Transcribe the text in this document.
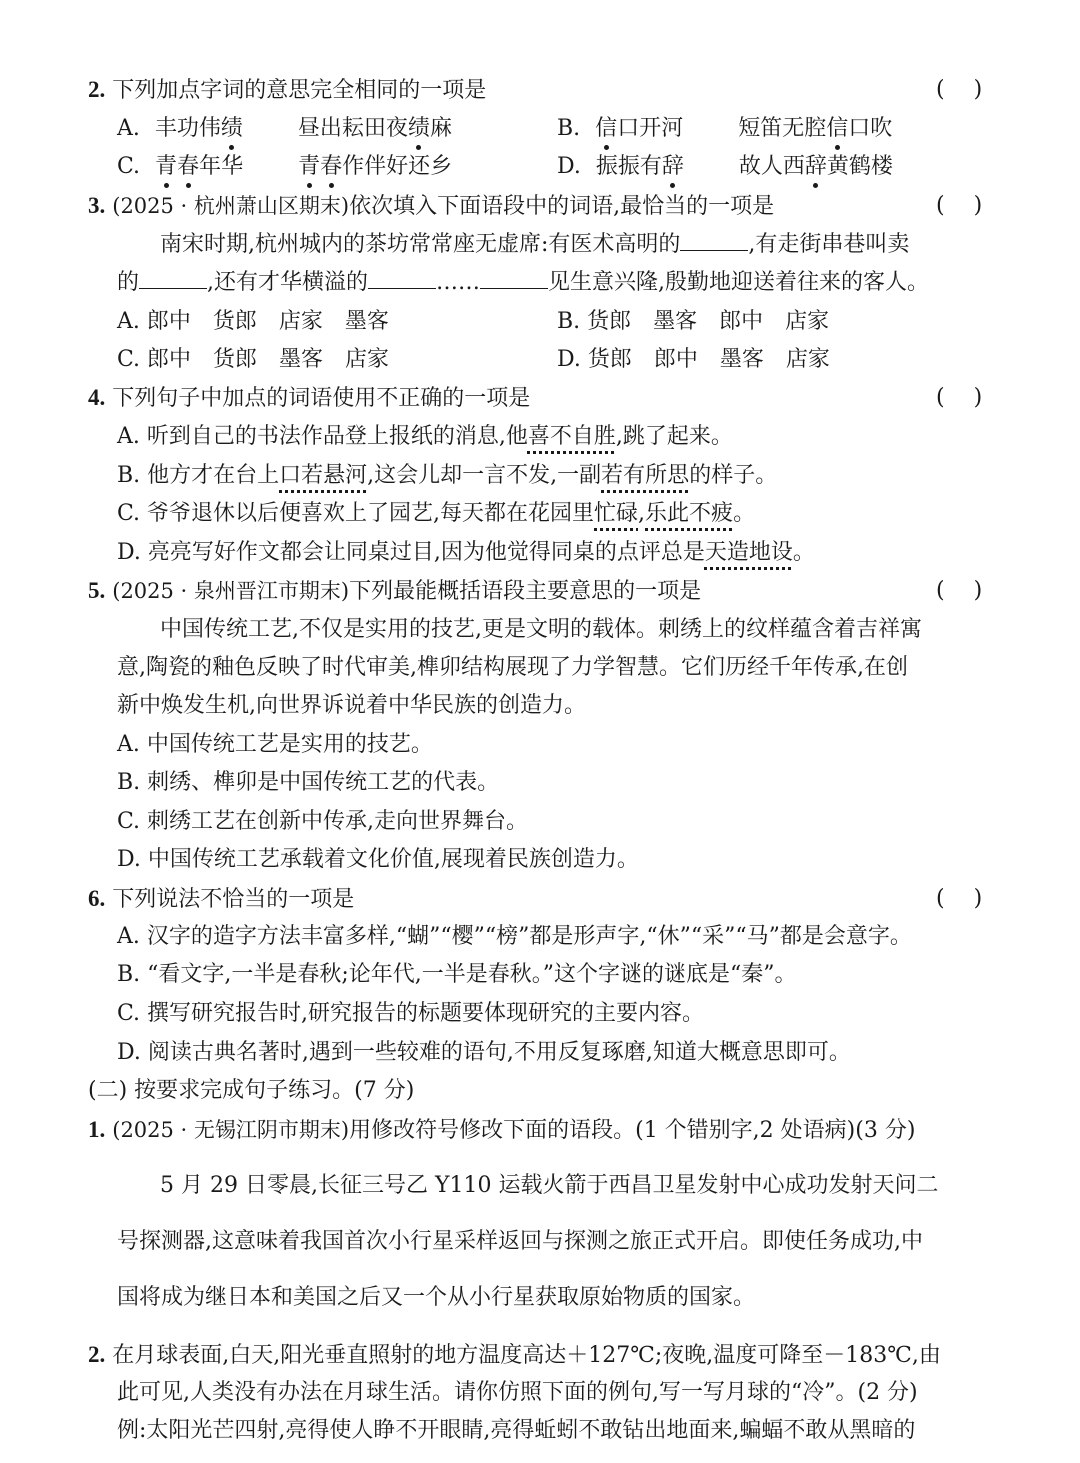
2. 下列加点字词的意思完全相同的一项是	(　 )
A. 丰功伟绩	昼出耘田夜绩麻	B. 信口开河	短笛无腔信口吹
C. 青春年华	青春作伴好还乡	D. 振振有辞	故人西辞黄鹤楼
3. (2025 · 杭州萧山区期末)依次填入下面语段中的词语,最恰当的一项是	(　 )
南宋时期,杭州城内的茶坊常常座无虚席:有医术高明的	,有走街串巷叫卖
的	,还有才华横溢的	……	见生意兴隆,殷勤地迎送着往来的客人。
A. 郎中　货郎　店家　墨客	B. 货郎　墨客　郎中　店家
C. 郎中　货郎　墨客　店家	D. 货郎　郎中　墨客　店家
4. 下列句子中加点的词语使用不正确的一项是	(　 )
A. 听到自己的书法作品登上报纸的消息,他喜不自胜,跳了起来。
B. 他方才在台上口若悬河,这会儿却一言不发,一副若有所思的样子。
C. 爷爷退休以后便喜欢上了园艺,每天都在花园里忙碌,乐此不疲。
D. 亮亮写好作文都会让同桌过目,因为他觉得同桌的点评总是天造地设。
5. (2025 · 泉州晋江市期末)下列最能概括语段主要意思的一项是	(　 )
中国传统工艺,不仅是实用的技艺,更是文明的载体。刺绣上的纹样蕴含着吉祥寓
意,陶瓷的釉色反映了时代审美,榫卯结构展现了力学智慧。它们历经千年传承,在创
新中焕发生机,向世界诉说着中华民族的创造力。
A. 中国传统工艺是实用的技艺。
B. 刺绣、榫卯是中国传统工艺的代表。
C. 刺绣工艺在创新中传承,走向世界舞台。
D. 中国传统工艺承载着文化价值,展现着民族创造力。
6. 下列说法不恰当的一项是	(　 )
A. 汉字的造字方法丰富多样,“蝴”“樱”“榜”都是形声字,“休”“采”“马”都是会意字。
B. “看文字,一半是春秋;论年代,一半是春秋。”这个字谜的谜底是“秦”。
C. 撰写研究报告时,研究报告的标题要体现研究的主要内容。
D. 阅读古典名著时,遇到一些较难的语句,不用反复琢磨,知道大概意思即可。
(二) 按要求完成句子练习。(7 分)
1. (2025 · 无锡江阴市期末)用修改符号修改下面的语段。(1 个错别字,2 处语病)(3 分)
5 月 29 日零晨,长征三号乙 Y110 运载火箭于西昌卫星发射中心成功发射天问二
号探测器,这意味着我国首次小行星采样返回与探测之旅正式开启。即使任务成功,中
国将成为继日本和美国之后又一个从小行星获取原始物质的国家。
2. 在月球表面,白天,阳光垂直照射的地方温度高达＋127℃;夜晚,温度可降至－183℃,由
此可见,人类没有办法在月球生活。请你仿照下面的例句,写一写月球的“冷”。(2 分)
例:太阳光芒四射,亮得使人睁不开眼睛,亮得蚯蚓不敢钻出地面来,蝙蝠不敢从黑暗的
